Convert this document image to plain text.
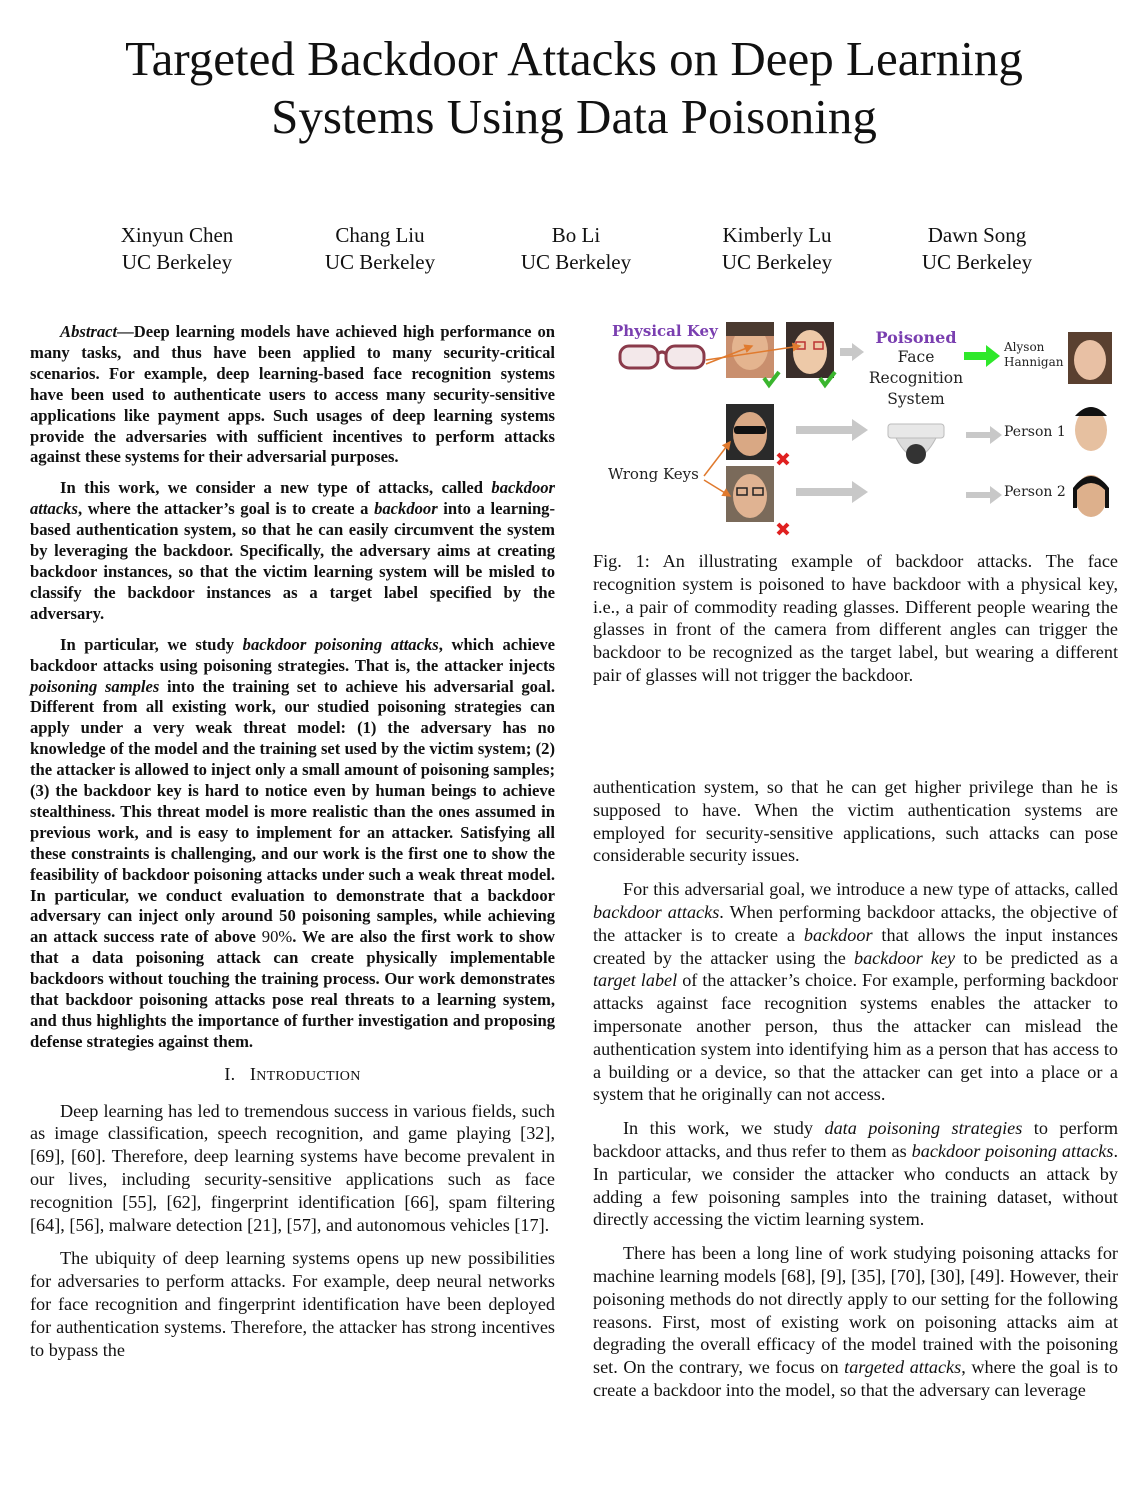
Targeted Backdoor Attacks on Deep Learning
Systems Using Data Poisoning
Xinyun Chen
UC Berkeley
Chang Liu
UC Berkeley
Bo Li
UC Berkeley
Kimberly Lu
UC Berkeley
Dawn Song
UC Berkeley

Abstract—Deep learning models have achieved high performance on many tasks, and thus have been applied to many security-critical scenarios. For example, deep learning-based face recognition systems have been used to authenticate users to access many security-sensitive applications like payment apps. Such usages of deep learning systems provide the adversaries with sufficient incentives to perform attacks against these systems for their adversarial purposes.

In this work, we consider a new type of attacks, called backdoor attacks, where the attacker’s goal is to create a backdoor into a learning-based authentication system, so that he can easily circumvent the system by leveraging the backdoor. Specifically, the adversary aims at creating backdoor instances, so that the victim learning system will be misled to classify the backdoor instances as a target label specified by the adversary.

In particular, we study backdoor poisoning attacks, which achieve backdoor attacks using poisoning strategies. That is, the attacker injects poisoning samples into the training set to achieve his adversarial goal. Different from all existing work, our studied poisoning strategies can apply under a very weak threat model: (1) the adversary has no knowledge of the model and the training set used by the victim system; (2) the attacker is allowed to inject only a small amount of poisoning samples; (3) the backdoor key is hard to notice even by human beings to achieve stealthiness. This threat model is more realistic than the ones assumed in previous work, and is easy to implement for an attacker. Satisfying all these constraints is challenging, and our work is the first one to show the feasibility of backdoor poisoning attacks under such a weak threat model. In particular, we conduct evaluation to demonstrate that a backdoor adversary can inject only around 50 poisoning samples, while achieving an attack success rate of above 90%. We are also the first work to show that a data poisoning attack can create physically implementable backdoors without touching the training process. Our work demonstrates that backdoor poisoning attacks pose real threats to a learning system, and thus highlights the importance of further investigation and proposing defense strategies against them.

I. INTRODUCTION

Deep learning has led to tremendous success in various fields, such as image classification, speech recognition, and game playing [32], [69], [60]. Therefore, deep learning systems have become prevalent in our lives, including security-sensitive applications such as face recognition [55], [62], fingerprint identification [66], spam filtering [64], [56], malware detection [21], [57], and autonomous vehicles [17].

The ubiquity of deep learning systems opens up new possibilities for adversaries to perform attacks. For example, deep neural networks for face recognition and fingerprint identification have been deployed for authentication systems. Therefore, the attacker has strong incentives to bypass the

Physical Key	Poisoned
Face
Recognition
System
Alyson
Hannigan
Person 1
Person 2
Wrong Keys
Fig. 1: An illustrating example of backdoor attacks. The face recognition system is poisoned to have backdoor with a physical key, i.e., a pair of commodity reading glasses. Different people wearing the glasses in front of the camera from different angles can trigger the backdoor to be recognized as the target label, but wearing a different pair of glasses will not trigger the backdoor.

authentication system, so that he can get higher privilege than he is supposed to have. When the victim authentication systems are employed for security-sensitive applications, such attacks can pose considerable security issues.

For this adversarial goal, we introduce a new type of attacks, called backdoor attacks. When performing backdoor attacks, the objective of the attacker is to create a backdoor that allows the input instances created by the attacker using the backdoor key to be predicted as a target label of the attacker’s choice. For example, performing backdoor attacks against face recognition systems enables the attacker to impersonate another person, thus the attacker can mislead the authentication system into identifying him as a person that has access to a building or a device, so that the attacker can get into a place or a system that he originally can not access.

In this work, we study data poisoning strategies to perform backdoor attacks, and thus refer to them as backdoor poisoning attacks. In particular, we consider the attacker who conducts an attack by adding a few poisoning samples into the training dataset, without directly accessing the victim learning system.

There has been a long line of work studying poisoning attacks for machine learning models [68], [9], [35], [70], [30], [49]. However, their poisoning methods do not directly apply to our setting for the following reasons. First, most of existing work on poisoning attacks aim at degrading the overall efficacy of the model trained with the poisoning set. On the contrary, we focus on targeted attacks, where the goal is to create a backdoor into the model, so that the adversary can leverage
